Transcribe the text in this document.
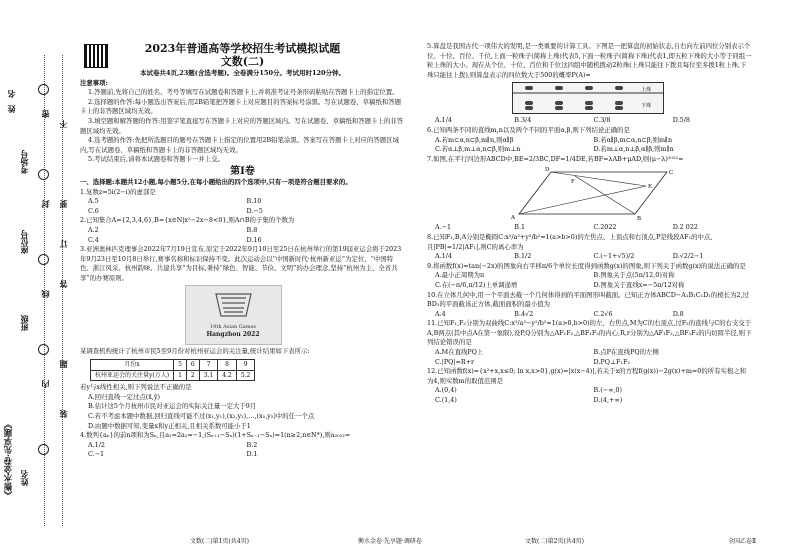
《衡水金卷·先享题》
名
姓
考场号
座位号
班级
姓名
密
封
线
内
不
要
答
题
订
装
2023年普通高等学校招生考试模拟试题
文数(二)
本试卷共4页,23题(含选考题)。全卷满分150分。考试用时120分钟。
注意事项:
1.答题前,先将自己的姓名、考号等填写在试题卷和答题卡上,并将准考证号条形码粘贴在答题卡上的指定位置。
2.选择题的作答:每小题选出答案后,用2B铅笔把答题卡上对应题目的答案标号涂黑。写在试题卷、草稿纸和答题卡上的非答题区域均无效。
3.填空题和解答题的作答:用签字笔直接写在答题卡上对应的答题区域内。写在试题卷、草稿纸和答题卡上的非答题区域均无效。
4.选考题的作答:先把所选题目的题号在答题卡上指定的位置用2B铅笔涂黑。答案写在答题卡上对应的答题区域内,写在试题卷、草稿纸和答题卡上的非答题区域均无效。
5.考试结束后,请将本试题卷和答题卡一并上交。
第Ⅰ卷
一、选择题:本题共12小题,每小题5分,在每小题给出的四个选项中,只有一项是符合题目要求的。
1.复数z=5i(2−i)的虚部是
A.5	B.10
C.6	D.−5
2.已知集合A={2,3,4,6},B={x∈N|x²−2x−8<0},则A∩B的子集的个数为
A.2	B.8
C.4	D.16
3.亚洲奥林匹克理事会2022年7月19日宣布,原定于2022年9月10日至25日在杭州举行的第19届亚运会将于2023年9月23日至10月8日举行,赛事名称和标识保持不变。此次运动会以“中国新时代·杭州新亚运”为定位、“中国特色、浙江风采、杭州韵味、共建共享”为目标,秉持“绿色、智能、节俭、文明”的办会理念,坚持“杭州为主、全省共享”的办赛原则。
19th Asian Games
Hangzhou 2022
某调查机构统计了杭州市民5至9月份对杭州亚运会的关注量,统计结果如下表所示:
月份x	5	6	7	8	9
杭州亚运会的关注量y(万人)	1	2	3.1	4.2	5.2
若y与x线性相关,则下列说法不正确的是
A.回归直线一定过点(x̄,ȳ)
B.估计这5个月杭州市民对亚运会的实际关注量一定大于9月
C.若不考虑本题中数据,回归直线可能不过(x₁,y₁),(x₂,y₂),…,(x₅,y₅)中的任一个点
D.由题中数据可知,变量x和y正相关,且相关系数可能小于1
4.数列{aₙ}的前n项和为Sₙ,且a₁=2a₂=−1,(Sₙ₊₁−Sₙ)(1+Sₙ₋₁−Sₙ)=1(n≥2,n∈N*),则a₂₀₂₂=
A.1/2	B.2
C.−1	D.1
5.算盘是我国古代一项伟大的发明,是一类重要的计算工具。下图是一把算盘的初始状态,自右向左前四位分别表示个位、十位、百位、千位,上面一粒珠子(简称上珠)代表5,下面一粒珠子(简称下珠)代表1,即五粒下珠的大小等于同组一粒上珠的大小。现在从个位、十位、百位和千位这四组中随机拨动2粒珠(上珠只能往下拨且每位至多拨1粒上珠,下珠只能往上拨),则算盘表示的四位数大于500的概率P(A)=
上珠
下珠
A.1/4	B.3/4	C.3/8	D.5/8
6.已知两条不同的直线m,n以及两个不同的平面α,β,则下列结论正确的是
A.若m⊂α,n⊂β,m∥n,则α∥β	B.若α∥β,m⊂α,n⊂β,则m∥n
C.若α⊥β,m⊥α,n⊂β,则m⊥n	D.若m⊥α,n⊥β,α∥β,则m∥n
7.如图,在平行四边形ABCD中,BE=2/3BC,DF=1/4DE,若BF=λAB+μAD,则(μ−λ)²⁰²²=
A	B
C
D
E
F
A.−1	B.1	C.2022	D.2 022
8.已知F₁,B,A分别是椭圆C:x²/a²+y²/b²=1(a>b>0)的左焦点、上顶点和右顶点,P是线段AF₁的中点,且|PB|=1/2|AF₁|,则C的离心率为
A.1/4	B.1/2	C.(−1+√5)/2	D.√2/2−1
9.将函数f(x)=tan(−2x)的图象向右平移π/6个单位长度得到函数g(x)的图象,则下列关于函数g(x)的说法正确的是
A.最小正周期为π	B.图象关于点(5π/12,0)对称
C.在(−π/6,π/12)上单调递增	D.图象关于直线x=−5π/12对称
10.在立体几何中,用一个平面去截一个几何体得到的平面图形叫截面。已知正方体ABCD−A₁B₁C₁D₁的棱长为2,过BD₁的平面截该正方体,截面面积的最小值为
A.4	B.4√2	C.2√6	D.8
11.已知F₁,F₂分别为双曲线C:x²/a²−y²/b²=1(a>0,b>0)的左、右焦点,M为C的右顶点,过F₂的直线与C的右支交于A,B两点(其中点A在第一象限),设P,Q分别为△AF₁F₂,△BF₁F₂的内心,R,r分别为△AF₁F₂,△BF₁F₂的内切圆半径,则下列结论错误的是
A.M在直线PQ上	B.点P在直线PQ的左侧
C.|PQ|=R+r	D.PQ⊥F₁F₂
12.已知函数f(x)={x²+x,x≤0; ln x,x>0},g(x)=|x(x−4)|,若关于x的方程f(g(x))−2g(x)+m=0的所有实根之和为4,则实数m的取值范围是
A.(0,4)	B.(−∞,0)
C.(1,4)	D.(4,+∞)
文数(二)第1页(共4页)	衡水金卷·先享题·调研卷	文数(二)第2页(共4页)	全国乙卷Ⅱ
